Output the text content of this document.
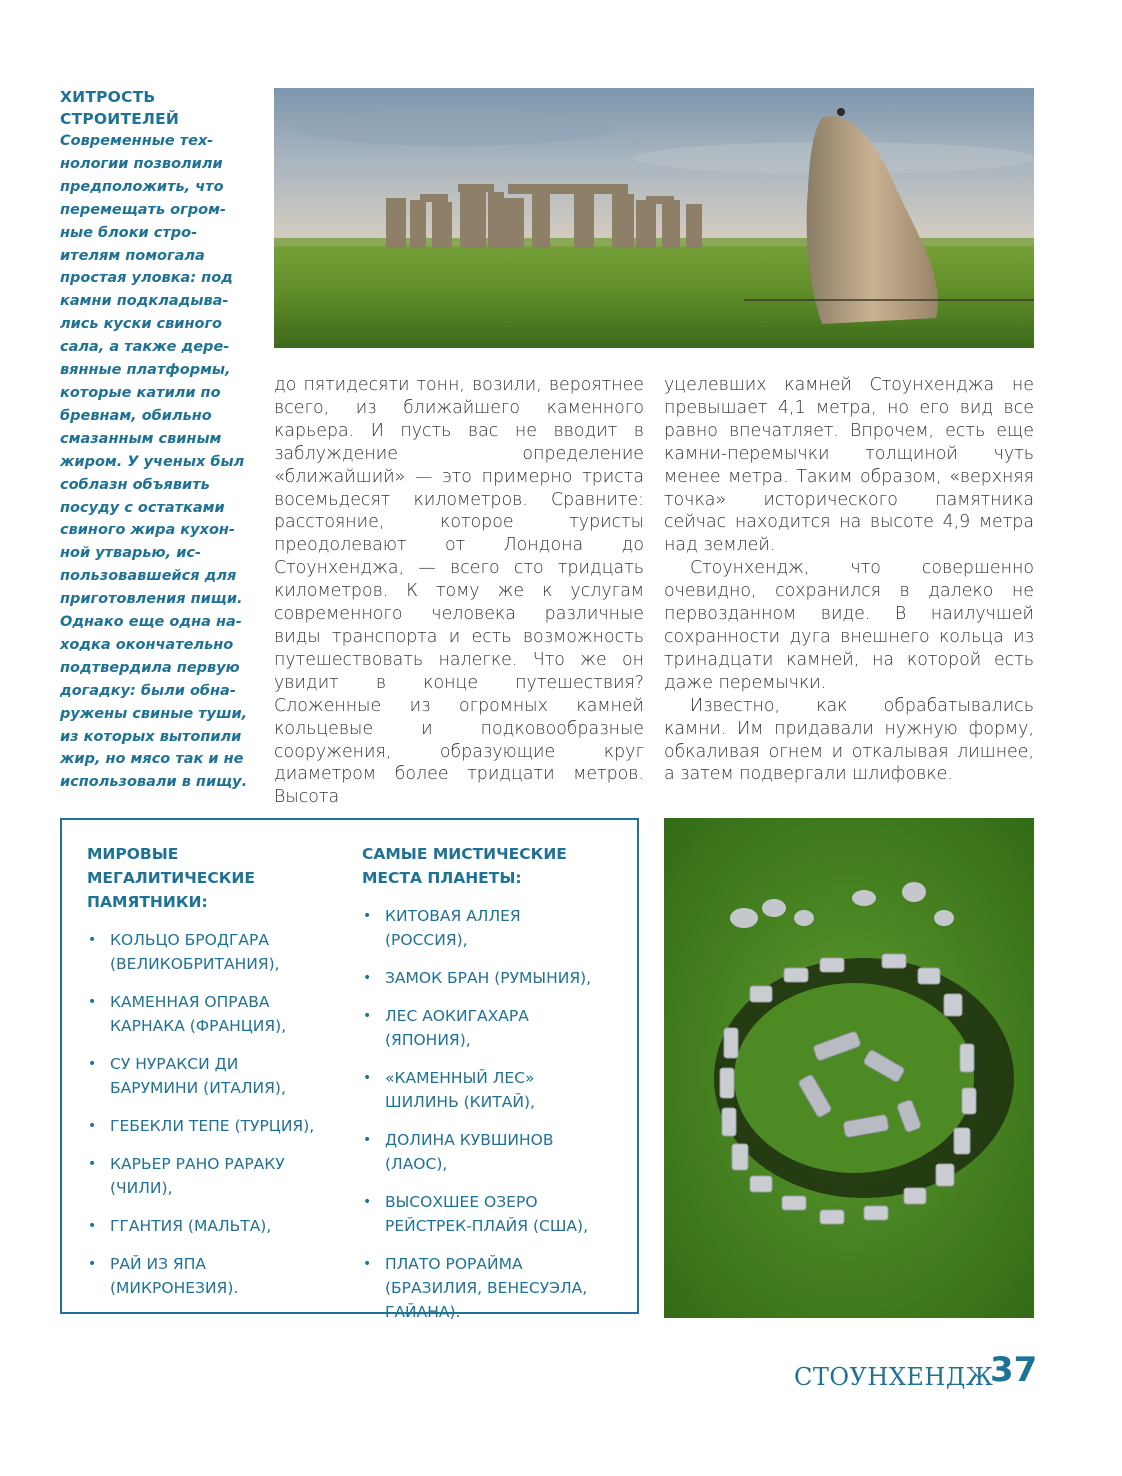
ХИТРОСТЬ

СТРОИТЕЛЕЙ

Современные тех-

нологии позволили

предположить, что

перемещать огром-

ные блоки стро-

ителям помогала

простая уловка: под

камни подкладыва-

лись куски свиного

сала, а также дере-

вянные платформы,

которые катили по

бревнам, обильно

смазанным свиным

жиром. У ученых был

соблазн объявить

посуду с остатками

свиного жира кухон-

ной утварью, ис-

пользовавшейся для

приготовления пищи.

Однако еще одна на-

ходка окончательно

подтвердила первую

догадку: были обна-

ружены свиные туши,

из которых вытопили

жир, но мясо так и не

использовали в пищу.

до пятидесяти тонн, возили, вероятнее всего, из ближайшего каменного карьера. И пусть вас не вводит в заблуждение определение «ближайший» — это примерно триста восемьдесят километров. Сравните: расстояние, которое туристы преодолевают от Лондона до Стоунхенджа, — всего сто тридцать километров. К тому же к услугам современного человека различные виды транспорта и есть возможность путешествовать налегке. Что же он увидит в конце путешествия? Сложенные из огромных камней кольцевые и подковообразные сооружения, образующие круг диаметром более тридцати метров. Высота

уцелевших камней Стоунхенджа не превышает 4,1 метра, но его вид все равно впечатляет. Впрочем, есть еще камни-перемычки толщиной чуть менее метра. Таким образом, «верхняя точка» исторического памятника сейчас находится на высоте 4,9 метра над землей.

Стоунхендж, что совершенно очевидно, сохранился в далеко не первозданном виде. В наилучшей сохранности дуга внешнего кольца из тринадцати камней, на которой есть даже перемычки.

Известно, как обрабатывались камни. Им придавали нужную форму, обкаливая огнем и откалывая лишнее, а затем подвергали шлифовке.

МИРОВЫЕ
МЕГАЛИТИЧЕСКИЕ
ПАМЯТНИКИ:
• КОЛЬЦО БРОДГАРА
(ВЕЛИКОБРИТАНИЯ),
• КАМЕННАЯ ОПРАВА
КАРНАКА (ФРАНЦИЯ),
• СУ НУРАКСИ ДИ
БАРУМИНИ (ИТАЛИЯ),
• ГЕБЕКЛИ ТЕПЕ (ТУРЦИЯ),
• КАРЬЕР РАНО РАРАКУ
(ЧИЛИ),
• ГГАНТИЯ (МАЛЬТА),
• РАЙ ИЗ ЯПА
(МИКРОНЕЗИЯ).
САМЫЕ МИСТИЧЕСКИЕ
МЕСТА ПЛАНЕТЫ:
• КИТОВАЯ АЛЛЕЯ
(РОССИЯ),
• ЗАМОК БРАН (РУМЫНИЯ),
• ЛЕС АОКИГАХАРА
(ЯПОНИЯ),
• «КАМЕННЫЙ ЛЕС»
ШИЛИНЬ (КИТАЙ),
• ДОЛИНА КУВШИНОВ
(ЛАОС),
• ВЫСОХШЕЕ ОЗЕРО
РЕЙСТРЕК-ПЛАЙЯ (США),
• ПЛАТО РОРАЙМА
(БРАЗИЛИЯ, ВЕНЕСУЭЛА,
ГАЙАНА).
СТОУНХЕНДЖ
37
